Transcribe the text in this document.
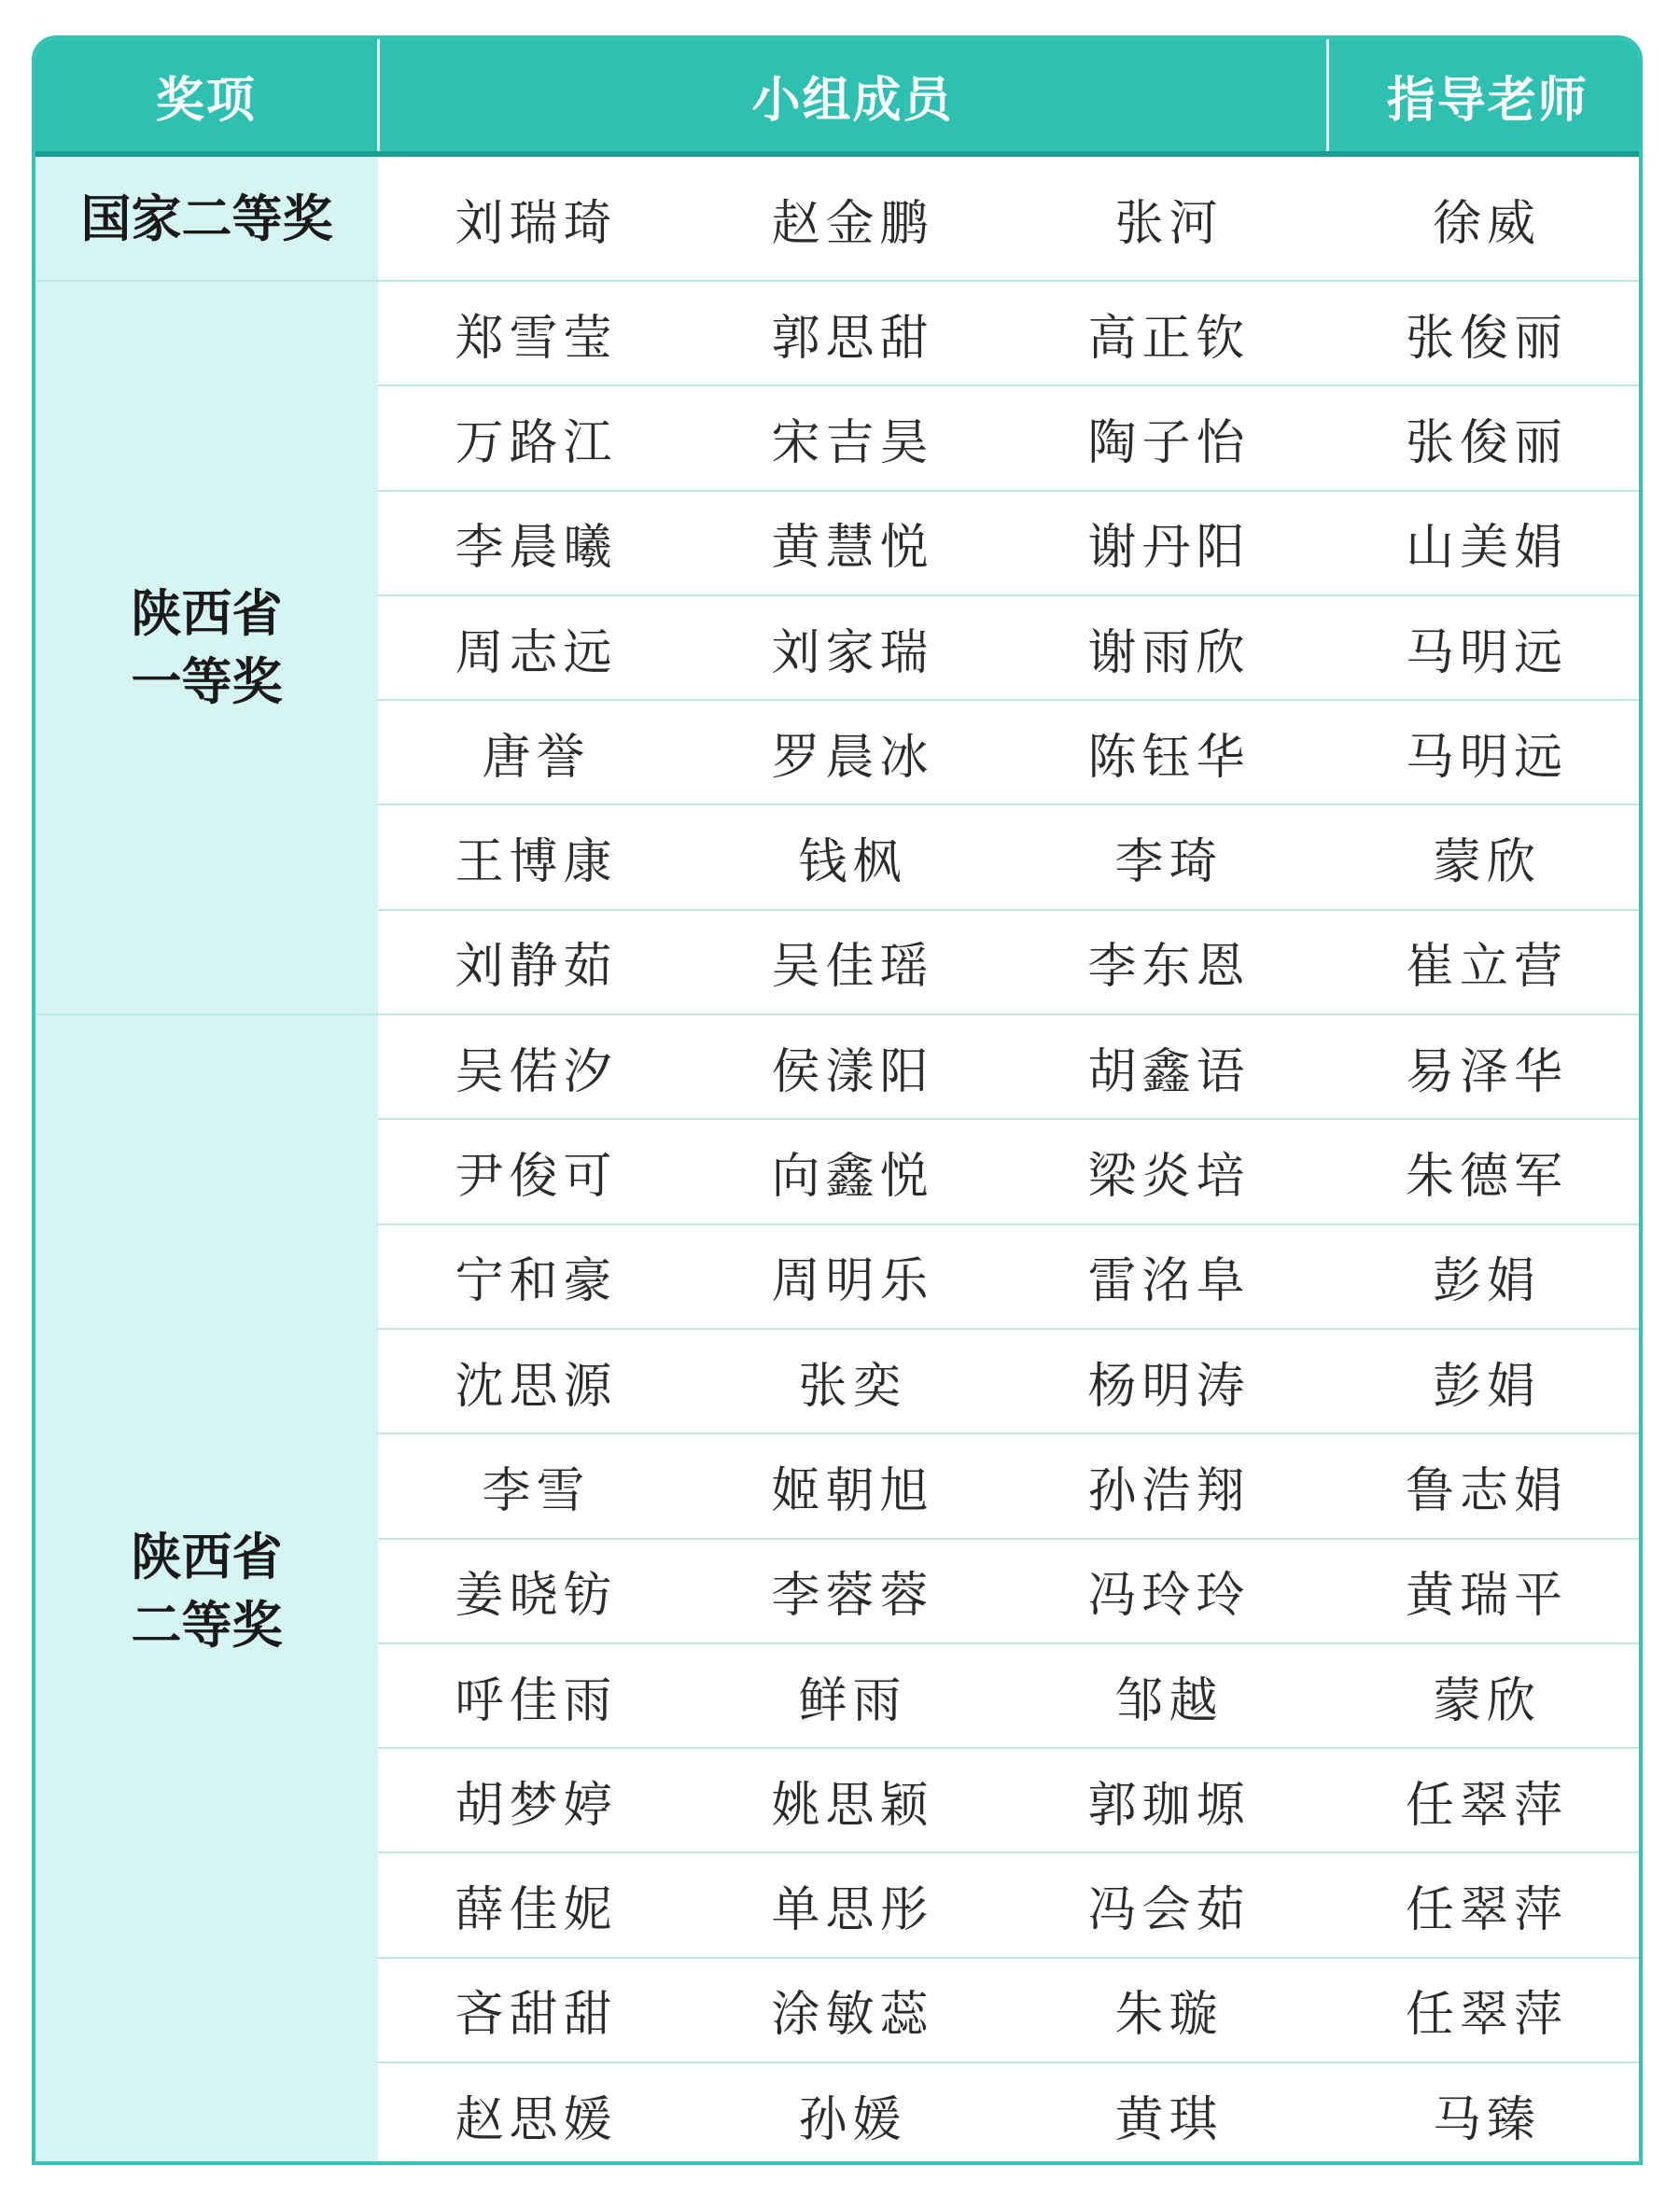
奖项	小组成员			指导老师

国家二等奖	刘瑞琦	赵金鹏	张河	徐威

陕西省
一等奖	郑雪莹	郭思甜	高正钦	张俊丽
	万路江	宋吉昊	陶子怡	张俊丽
	李晨曦	黄慧悦	谢丹阳	山美娟
	周志远	刘家瑞	谢雨欣	马明远
	唐誉	罗晨冰	陈钰华	马明远
	王博康	钱枫	李琦	蒙欣
	刘静茹	吴佳瑶	李东恩	崔立营

陕西省
二等奖	吴偌汐	侯漾阳	胡鑫语	易泽华
	尹俊可	向鑫悦	梁炎培	朱德军
	宁和豪	周明乐	雷洺阜	彭娟
	沈思源	张奕	杨明涛	彭娟
	李雪	姬朝旭	孙浩翔	鲁志娟
	姜晓钫	李蓉蓉	冯玲玲	黄瑞平
	呼佳雨	鲜雨	邹越	蒙欣
	胡梦婷	姚思颖	郭珈塬	任翠萍
	薛佳妮	单思彤	冯会茹	任翠萍
	吝甜甜	涂敏蕊	朱璇	任翠萍
	赵思媛	孙媛	黄琪	马臻
